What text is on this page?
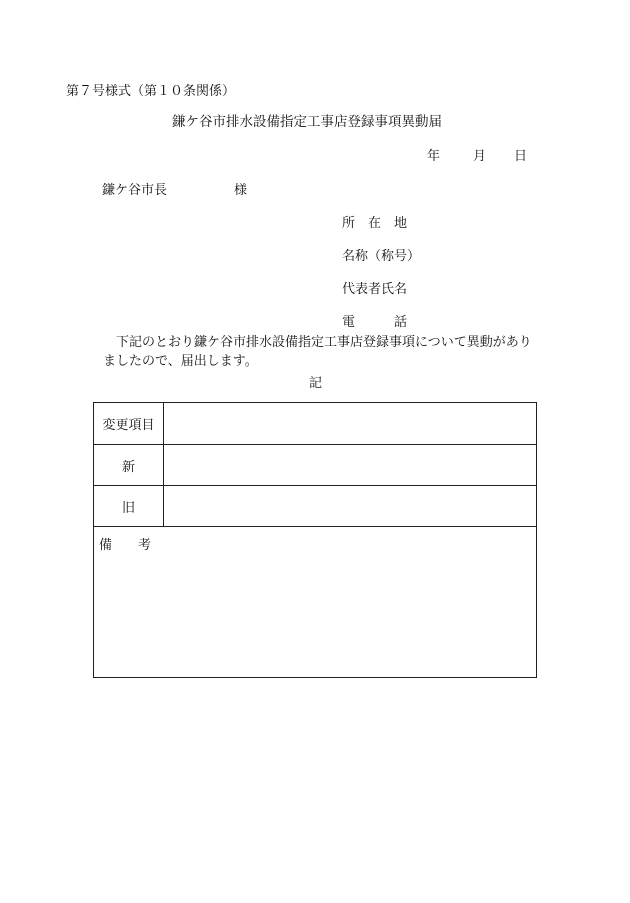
第７号様式（第１０条関係）
鎌ケ谷市排水設備指定工事店登録事項異動届
年	月 日
鎌ケ谷市長	様
所　在　地
名称（称号）
代表者氏名
電　　　話
下記のとおり鎌ケ谷市排水設備指定工事店登録事項について異動がありましたので、届出します。
記
変更項目
新
旧
備　　考
